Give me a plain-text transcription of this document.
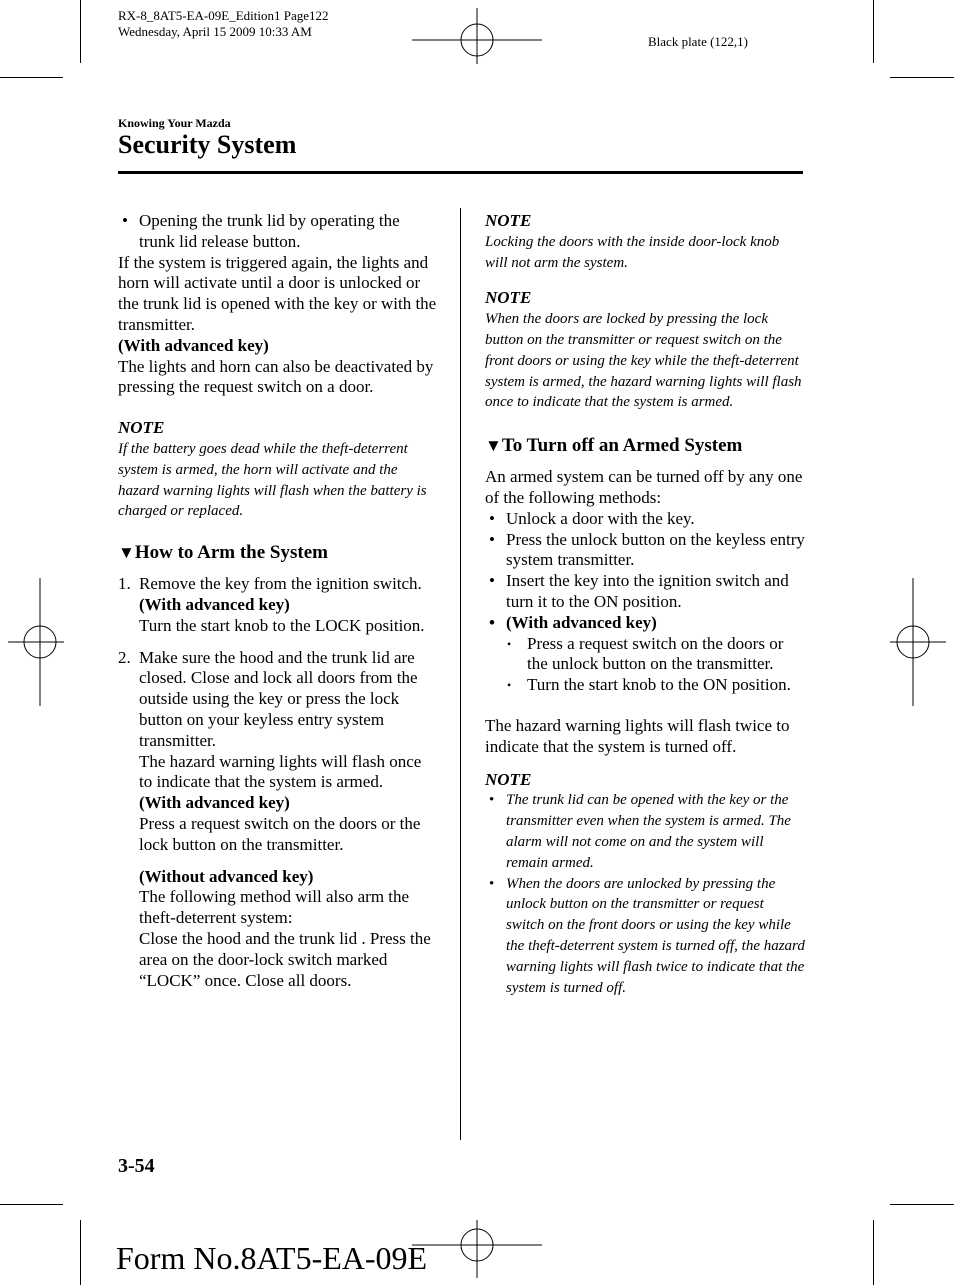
RX-8_8AT5-EA-09E_Edition1 Page122
Wednesday, April 15 2009 10:33 AM
Black plate (122,1)
Knowing Your Mazda
Security System
• Opening the trunk lid by operating the trunk lid release button.

If the system is triggered again, the lights and horn will activate until a door is unlocked or the trunk lid is opened with the key or with the transmitter.

(With advanced key)

The lights and horn can also be deactivated by pressing the request switch on a door.

NOTE
If the battery goes dead while the theft-deterrent system is armed, the horn will activate and the hazard warning lights will flash when the battery is charged or replaced.
▼How to Arm the System
1. Remove the key from the ignition switch.

(With advanced key)

Turn the start knob to the LOCK position.

2. Make sure the hood and the trunk lid are closed. Close and lock all doors from the outside using the key or press the lock button on your keyless entry system transmitter.

The hazard warning lights will flash once to indicate that the system is armed.

(With advanced key)

Press a request switch on the doors or the lock button on the transmitter.

(Without advanced key)

The following method will also arm the theft-deterrent system:

Close the hood and the trunk lid . Press the area on the door-lock switch marked “LOCK” once. Close all doors.

NOTE
Locking the doors with the inside door-lock knob will not arm the system.
NOTE
When the doors are locked by pressing the lock button on the transmitter or request switch on the front doors or using the key while the theft-deterrent system is armed, the hazard warning lights will flash once to indicate that the system is armed.
▼To Turn off an Armed System

An armed system can be turned off by any one of the following methods:

• Unlock a door with the key.
• Press the unlock button on the keyless entry system transmitter.
• Insert the key into the ignition switch and turn it to the ON position.
• (With advanced key)
• Press a request switch on the doors or the unlock button on the transmitter.
• Turn the start knob to the ON position.

The hazard warning lights will flash twice to indicate that the system is turned off.

NOTE
• The trunk lid can be opened with the key or the transmitter even when the system is armed. The alarm will not come on and the system will remain armed.
• When the doors are unlocked by pressing the unlock button on the transmitter or request switch on the front doors or using the key while the theft-deterrent system is turned off, the hazard warning lights will flash twice to indicate that the system is turned off.
3-54
Form No.8AT5-EA-09E
